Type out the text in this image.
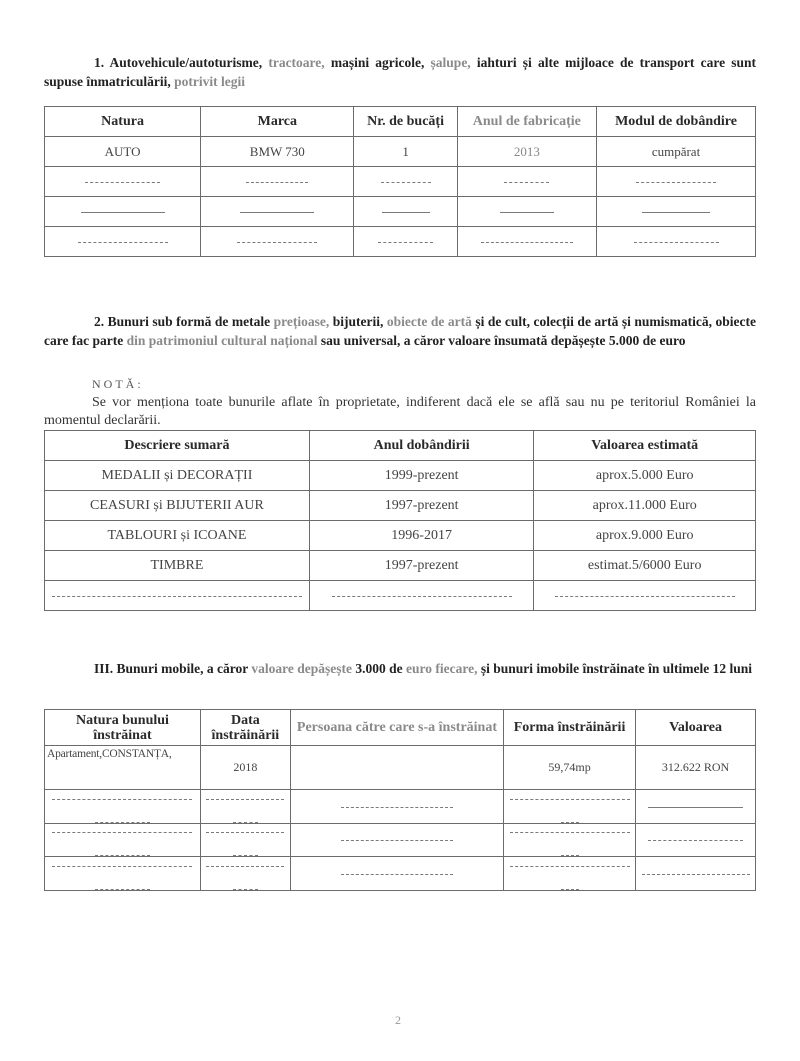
1. Autovehicule/autoturisme, tractoare, mașini agricole, șalupe, iahturi și alte mijloace de transport care sunt supuse înmatriculării, potrivit legii
Natura	Marca	Nr. de bucăți	Anul de fabricație	Modul de dobândire
AUTO	BMW 730	1	2013	cumpărat

2. Bunuri sub formă de metale prețioase, bijuterii, obiecte de artă și de cult, colecții de artă și numismatică, obiecte care fac parte din patrimoniul cultural național sau universal, a căror valoare însumată depășește 5.000 de euro
NOTĂ:
Se vor menționa toate bunurile aflate în proprietate, indiferent dacă ele se află sau nu pe teritoriul României la momentul declarării.
Descriere sumară	Anul dobândirii	Valoarea estimată
MEDALII și DECORAȚII	1999-prezent	aprox.5.000 Euro
CEASURI și BIJUTERII AUR	1997-prezent	aprox.11.000 Euro
TABLOURI și ICOANE	1996-2017	aprox.9.000 Euro
TIMBRE	1997-prezent	estimat.5/6000 Euro

III. Bunuri mobile, a căror valoare depășește 3.000 de euro fiecare, și bunuri imobile înstrăinate în ultimele 12 luni
Natura bunului înstrăinat	Data înstrăinării	Persoana către care s-a înstrăinat	Forma înstrăinării	Valoarea
Apartament,CONSTANȚA,	2018		59,74mp	312.622 RON

2
